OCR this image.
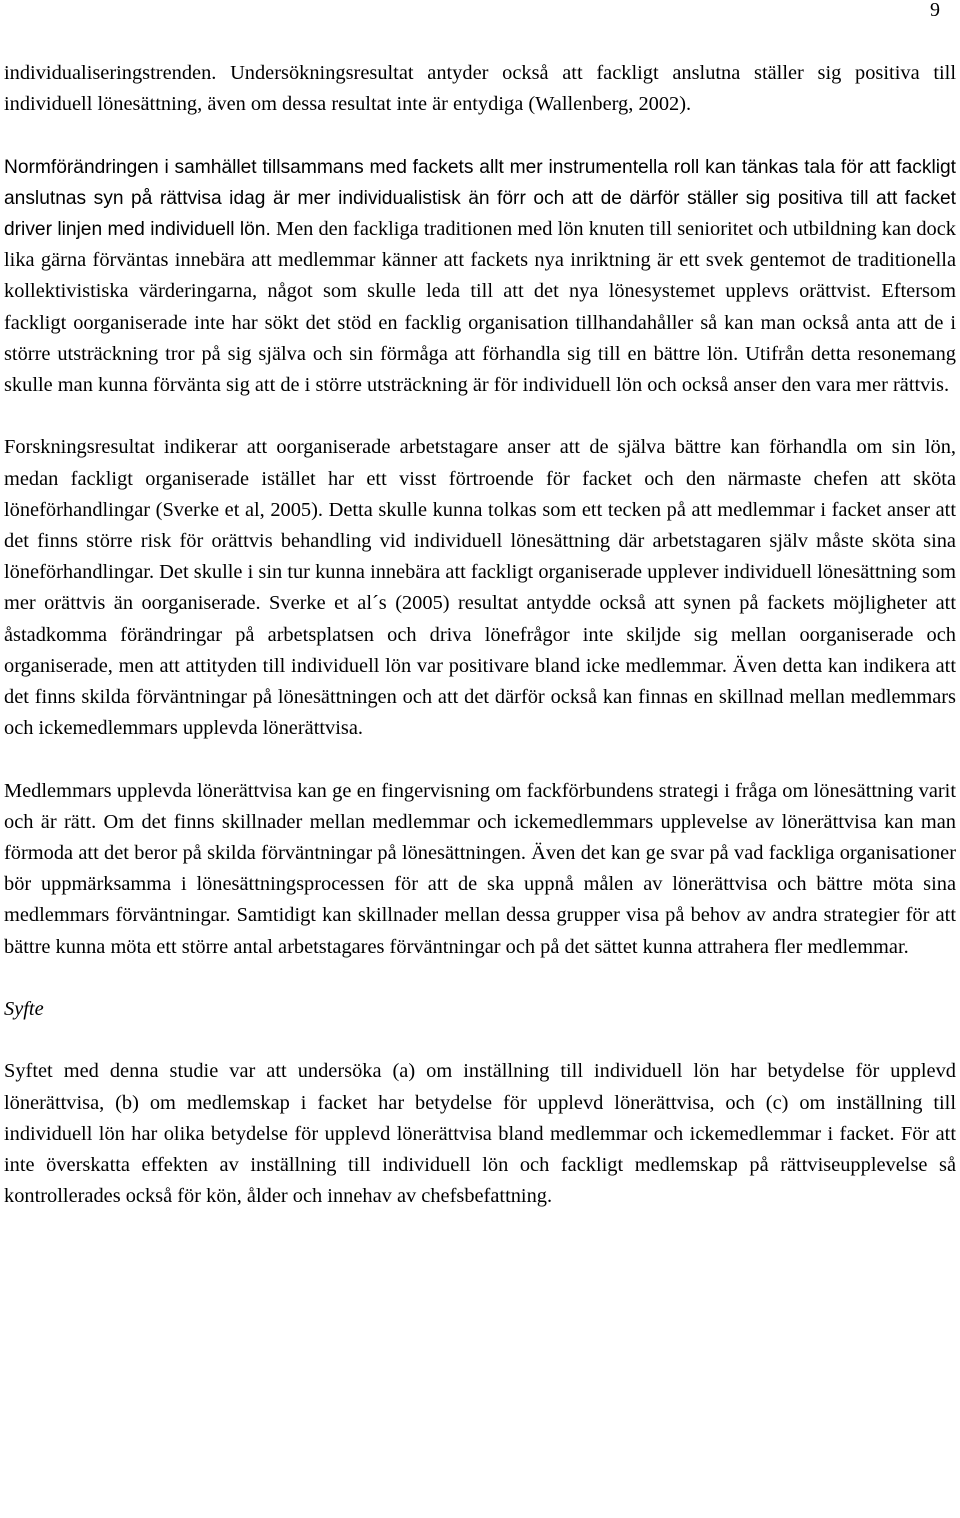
9

individualiseringstrenden. Undersökningsresultat antyder också att fackligt anslutna ställer sig positiva till individuell lönesättning, även om dessa resultat inte är entydiga (Wallenberg, 2002).

Normförändringen i samhället tillsammans med fackets allt mer instrumentella roll kan tänkas tala för att fackligt anslutnas syn på rättvisa idag är mer individualistisk än förr och att de därför ställer sig positiva till att facket driver linjen med individuell lön. Men den fackliga traditionen med lön knuten till senioritet och utbildning kan dock lika gärna förväntas innebära att medlemmar känner att fackets nya inriktning är ett svek gentemot de traditionella kollektivistiska värderingarna, något som skulle leda till att det nya lönesystemet upplevs orättvist. Eftersom fackligt oorganiserade inte har sökt det stöd en facklig organisation tillhandahåller så kan man också anta att de i större utsträckning tror på sig själva och sin förmåga att förhandla sig till en bättre lön. Utifrån detta resonemang skulle man kunna förvänta sig att de i större utsträckning är för individuell lön och också anser den vara mer rättvis.

Forskningsresultat indikerar att oorganiserade arbetstagare anser att de själva bättre kan förhandla om sin lön, medan fackligt organiserade istället har ett visst förtroende för facket och den närmaste chefen att sköta löneförhandlingar (Sverke et al, 2005). Detta skulle kunna tolkas som ett tecken på att medlemmar i facket anser att det finns större risk för orättvis behandling vid individuell lönesättning där arbetstagaren själv måste sköta sina löneförhandlingar. Det skulle i sin tur kunna innebära att fackligt organiserade upplever individuell lönesättning som mer orättvis än oorganiserade. Sverke et al´s (2005) resultat antydde också att synen på fackets möjligheter att åstadkomma förändringar på arbetsplatsen och driva lönefrågor inte skiljde sig mellan oorganiserade och organiserade, men att attityden till individuell lön var positivare bland icke medlemmar. Även detta kan indikera att det finns skilda förväntningar på lönesättningen och att det därför också kan finnas en skillnad mellan medlemmars och ickemedlemmars upplevda lönerättvisa.

Medlemmars upplevda lönerättvisa kan ge en fingervisning om fackförbundens strategi i fråga om lönesättning varit och är rätt. Om det finns skillnader mellan medlemmar och ickemedlemmars upplevelse av lönerättvisa kan man förmoda att det beror på skilda förväntningar på lönesättningen. Även det kan ge svar på vad fackliga organisationer bör uppmärksamma i lönesättningsprocessen för att de ska uppnå målen av lönerättvisa och bättre möta sina medlemmars förväntningar. Samtidigt kan skillnader mellan dessa grupper visa på behov av andra strategier för att bättre kunna möta ett större antal arbetstagares förväntningar och på det sättet kunna attrahera fler medlemmar.

Syfte

Syftet med denna studie var att undersöka (a) om inställning till individuell lön har betydelse för upplevd lönerättvisa, (b) om medlemskap i facket har betydelse för upplevd lönerättvisa, och (c) om inställning till individuell lön har olika betydelse för upplevd lönerättvisa bland medlemmar och ickemedlemmar i facket. För att inte överskatta effekten av inställning till individuell lön och fackligt medlemskap på rättviseupplevelse så kontrollerades också för kön, ålder och innehav av chefsbefattning.
